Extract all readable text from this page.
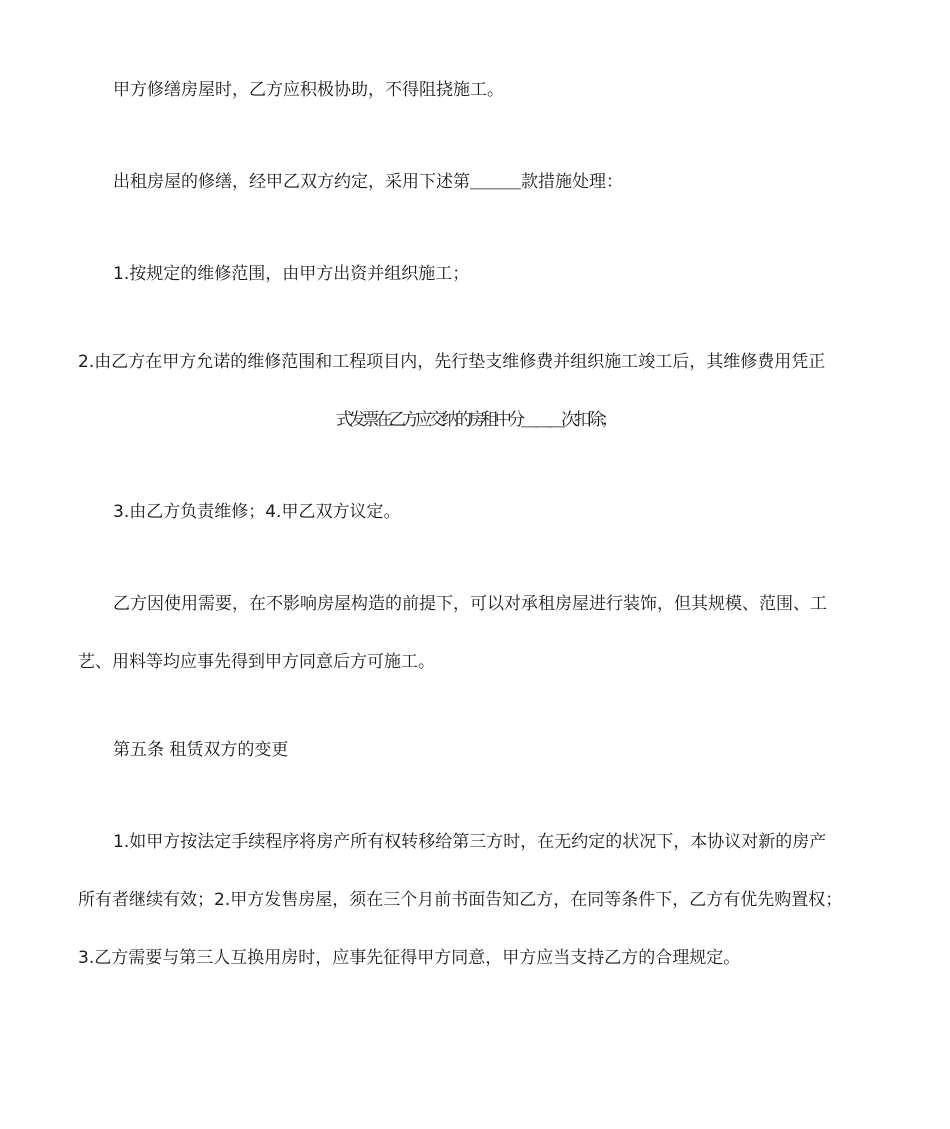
甲方修缮房屋时，乙方应积极协助，不得阻挠施工。

出租房屋的修缮，经甲乙双方约定，采用下述第＿＿＿款措施处理：

1.按规定的维修范围，由甲方出资并组织施工；

2.由乙方在甲方允诺的维修范围和工程项目内，先行垫支维修费并组织施工竣工后，其维修费用凭正

式发票在乙方应交纳的房租中分＿＿＿次扣除；

3.由乙方负责维修；4.甲乙双方议定。

乙方因使用需要，在不影响房屋构造的前提下，可以对承租房屋进行装饰，但其规模、范围、工

艺、用料等均应事先得到甲方同意后方可施工。

第五条 租赁双方的变更

1.如甲方按法定手续程序将房产所有权转移给第三方时，在无约定的状况下，本协议对新的房产

所有者继续有效；2.甲方发售房屋，须在三个月前书面告知乙方，在同等条件下，乙方有优先购置权；

3.乙方需要与第三人互换用房时，应事先征得甲方同意，甲方应当支持乙方的合理规定。
